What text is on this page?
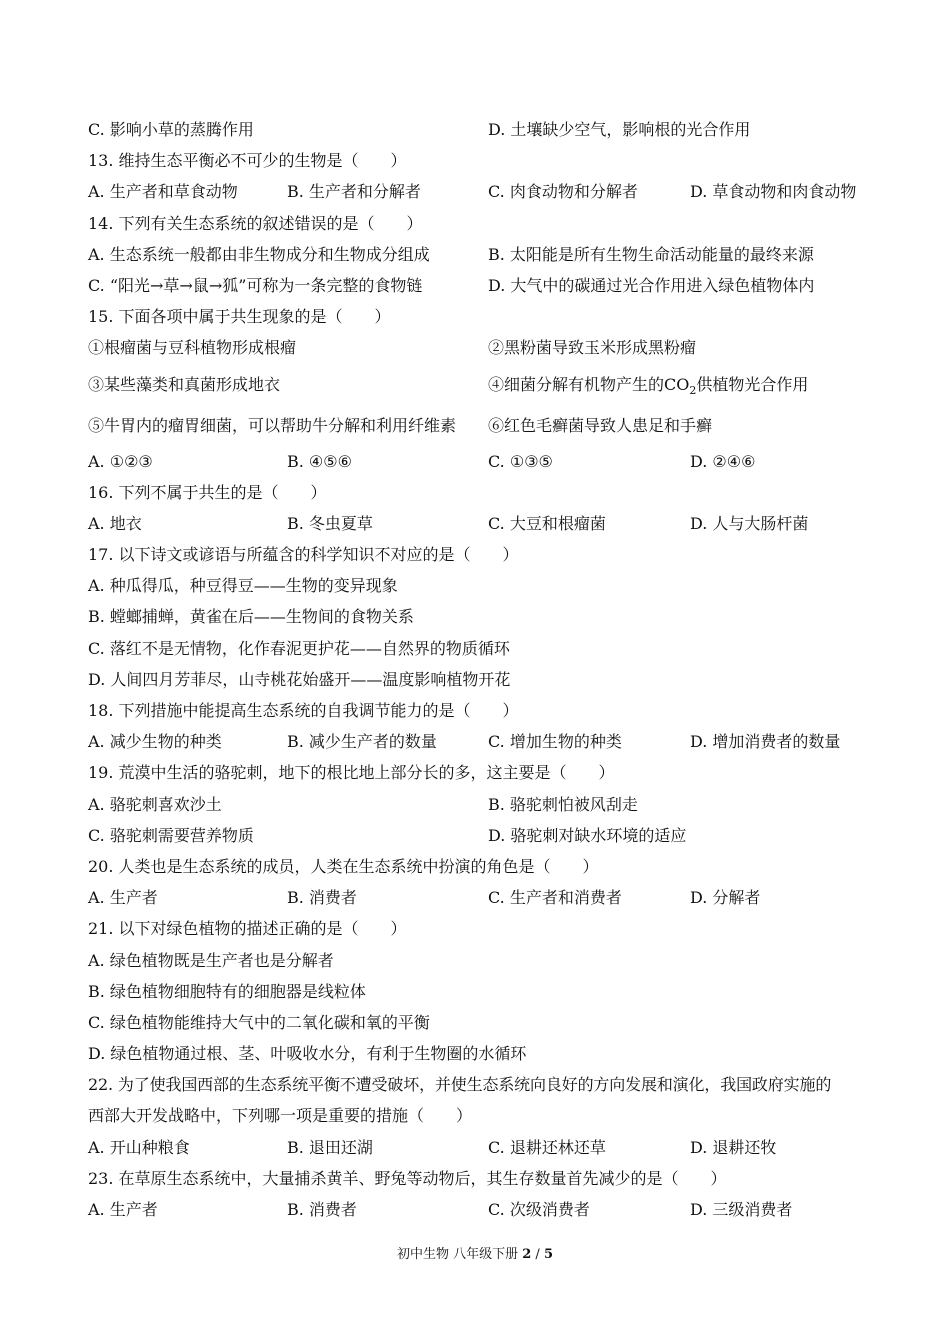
C. 影响小草的蒸腾作用	D. 土壤缺少空气，影响根的光合作用
13. 维持生态平衡必不可少的生物是（　　）
A. 生产者和草食动物	B. 生产者和分解者	C. 肉食动物和分解者	D. 草食动物和肉食动物
14. 下列有关生态系统的叙述错误的是（　　）
A. 生态系统一般都由非生物成分和生物成分组成	B. 太阳能是所有生物生命活动能量的最终来源
C. “阳光→草→鼠→狐”可称为一条完整的食物链	D. 大气中的碳通过光合作用进入绿色植物体内
15. 下面各项中属于共生现象的是（　　）
①根瘤菌与豆科植物形成根瘤	②黑粉菌导致玉米形成黑粉瘤
③某些藻类和真菌形成地衣	④细菌分解有机物产生的$CO_2$供植物光合作用
⑤牛胃内的瘤胃细菌，可以帮助牛分解和利用纤维素 ⑥红色毛癣菌导致人患足和手癣
A. ①②③	B. ④⑤⑥	C. ①③⑤	D. ②④⑥
16. 下列不属于共生的是（　　）
A. 地衣	B. 冬虫夏草	C. 大豆和根瘤菌	D. 人与大肠杆菌
17. 以下诗文或谚语与所蕴含的科学知识不对应的是（　　）
A. 种瓜得瓜，种豆得豆——生物的变异现象
B. 螳螂捕蝉，黄雀在后——生物间的食物关系
C. 落红不是无情物，化作春泥更护花——自然界的物质循环
D. 人间四月芳菲尽，山寺桃花始盛开——温度影响植物开花
18. 下列措施中能提高生态系统的自我调节能力的是（　　）
A. 减少生物的种类	B. 减少生产者的数量	C. 增加生物的种类	D. 增加消费者的数量
19. 荒漠中生活的骆驼刺，地下的根比地上部分长的多，这主要是（　　）
A. 骆驼刺喜欢沙土	B. 骆驼刺怕被风刮走
C. 骆驼刺需要营养物质	D. 骆驼刺对缺水环境的适应
20. 人类也是生态系统的成员，人类在生态系统中扮演的角色是（　　）
A. 生产者	B. 消费者	C. 生产者和消费者	D. 分解者
21. 以下对绿色植物的描述正确的是（　　）
A. 绿色植物既是生产者也是分解者
B. 绿色植物细胞特有的细胞器是线粒体
C. 绿色植物能维持大气中的二氧化碳和氧的平衡
D. 绿色植物通过根、茎、叶吸收水分，有利于生物圈的水循环
22. 为了使我国西部的生态系统平衡不遭受破坏，并使生态系统向良好的方向发展和演化，我国政府实施的
西部大开发战略中，下列哪一项是重要的措施（　　）
A. 开山种粮食	B. 退田还湖	C. 退耕还林还草	D. 退耕还牧
23. 在草原生态系统中，大量捕杀黄羊、野兔等动物后，其生存数量首先减少的是（　　）
A. 生产者	B. 消费者	C. 次级消费者	D. 三级消费者
初中生物 八年级下册 2 / 5
